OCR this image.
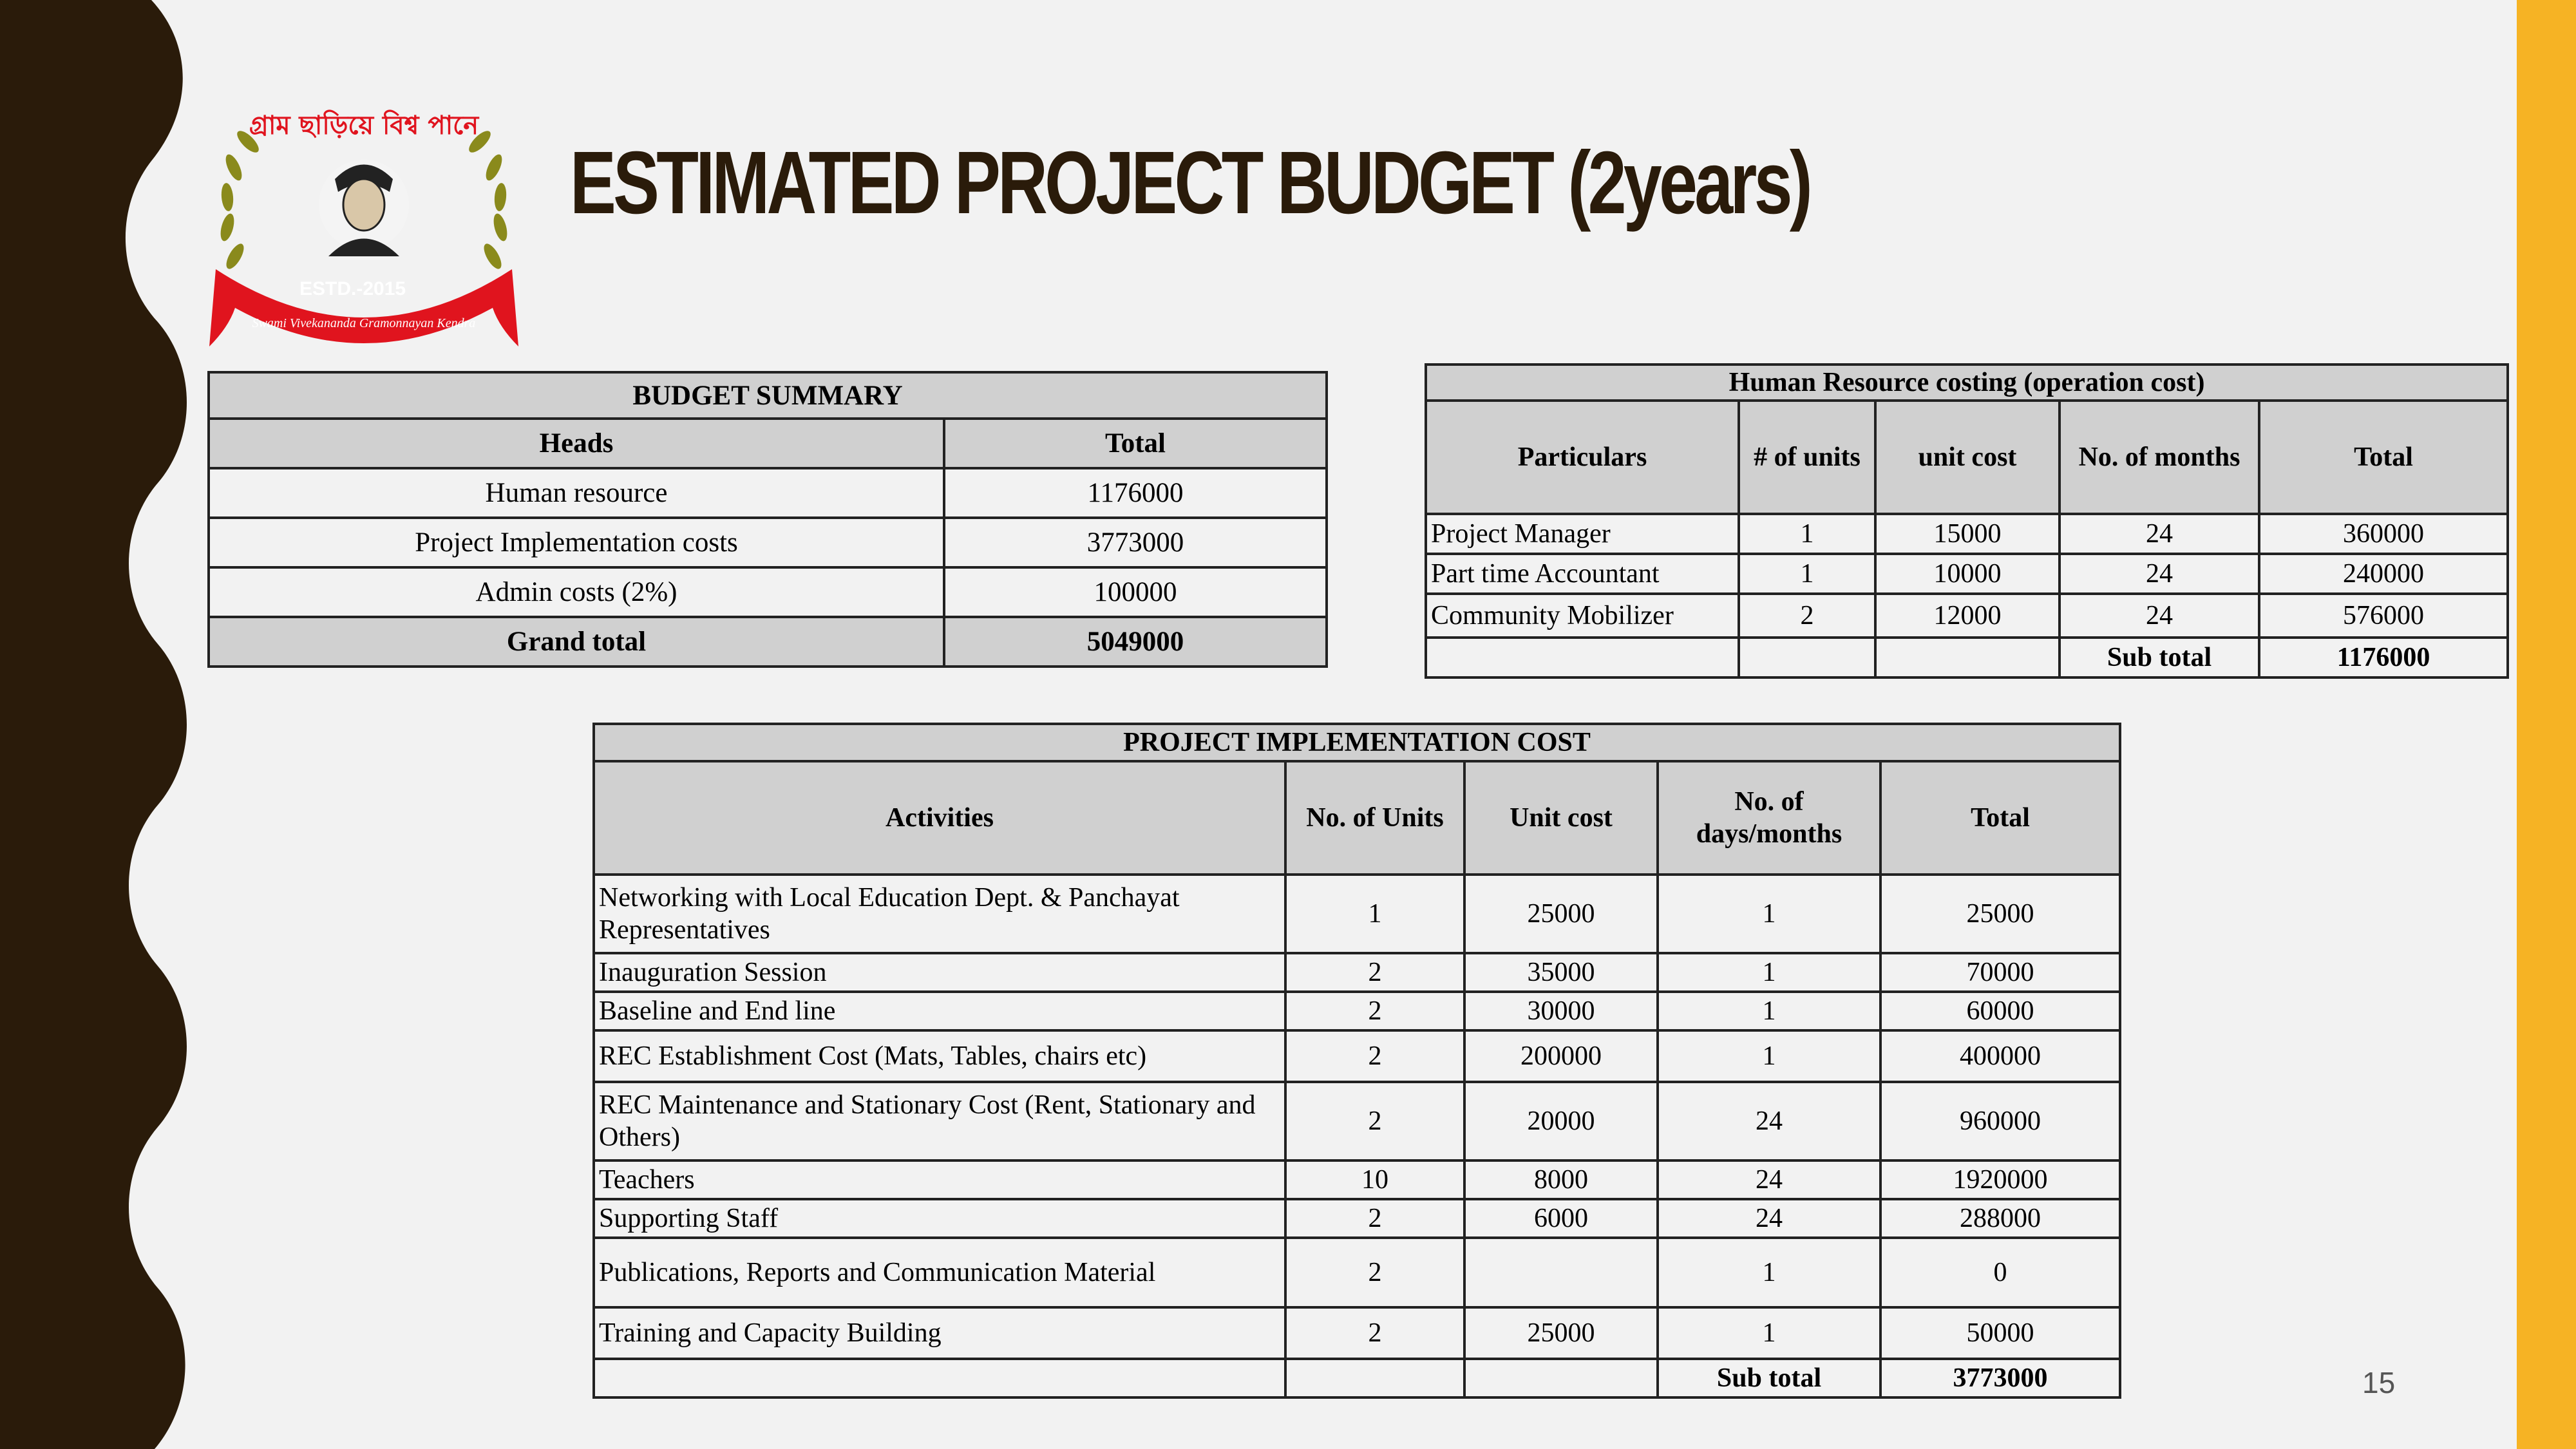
গ্রাম ছাড়িয়ে বিশ্ব পানে
ESTD.-2015
Swami Vivekananda Gramonnayan Kendra
ESTIMATED PROJECT BUDGET (2years)
BUDGET SUMMARY	
Heads	Total
Human resource	1176000
Project Implementation costs	3773000
Admin costs (2%)	100000
Grand total	5049000
Human Resource costing (operation cost)				
Particulars	# of units	unit cost	No. of months	Total
Project Manager	1	15000	24	360000
Part time Accountant	1	10000	24	240000
Community Mobilizer	2	12000	24	576000
			Sub total	1176000
PROJECT IMPLEMENTATION COST				
Activities	No. of Units	Unit cost	No. of days/months	Total
Networking with Local Education Dept. & Panchayat Representatives	1	25000	1	25000
Inauguration Session	2	35000	1	70000
Baseline and End line	2	30000	1	60000
REC Establishment Cost (Mats, Tables, chairs etc)	2	200000	1	400000
REC Maintenance and Stationary Cost (Rent, Stationary and Others)	2	20000	24	960000
Teachers	10	8000	24	1920000
Supporting Staff	2	6000	24	288000
Publications, Reports and Communication Material	2		1	0
Training and Capacity Building	2	25000	1	50000
			Sub total	3773000	15
